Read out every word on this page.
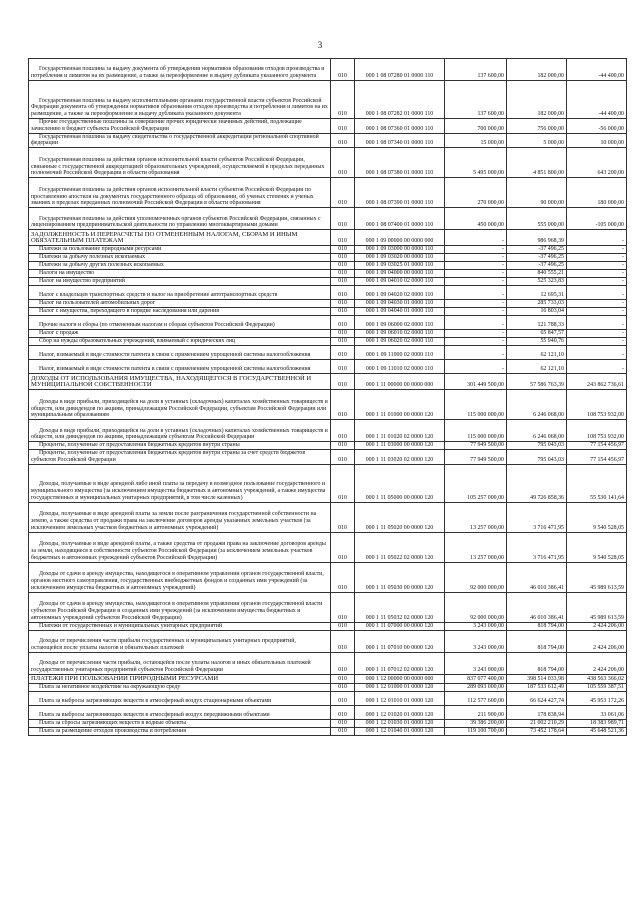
3
Государственная пошлина за выдачу документа об утверждении нормативов образования отходов производства и потребления и лимитов на их размещение, а также за переоформление и выдачу дубликата указанного документа	010	000 1 08 07280 01 0000 110	137 600,00	182 000,00	-44 400,00

Государственная пошлина за выдачу исполнительными органами государственной власти субъектов Российской Федерации документа об утверждении нормативов образования отходов производства и потребления и лимитов на их размещение, а также за переоформление и выдачу дубликата указанного документа	010	000 1 08 07282 01 0000 110	137 600,00	182 000,00	-44 400,00

Прочие государственные пошлины за совершение прочих юридически значимых действий, подлежащие зачислению в бюджет субъекта Российской Федерации	010	000 1 08 07360 01 0000 110	700 000,00	756 000,00	-56 000,00

Государственная пошлина за выдачу свидетельства о государственной аккредитации региональной спортивной федерации	010	000 1 08 07340 01 0000 110	15 000,00	5 000,00	10 000,00

Государственная пошлина за действия органов исполнительной власти субъектов Российской Федерации, связанные с государственной аккредитацией образовательных учреждений, осуществляемой в пределах переданных полномочий Российской Федерации в области образования	010	000 1 08 07380 01 0000 110	5 495 000,00	4 851 800,00	643 200,00

Государственная пошлина за действия органов исполнительной власти субъектов Российской Федерации по проставлению апостиля на документах государственного образца об образовании, об ученых степенях и ученых званиях в пределах переданных полномочий Российской Федерации в области образования	010	000 1 08 07390 01 0000 110	270 000,00	90 000,00	180 000,00

Государственная пошлина за действия уполномоченных органов субъектов Российской Федерации, связанных с лицензированием предпринимательской деятельности по управлению многоквартирными домами	010	000 1 08 07400 01 0000 110	450 000,00	555 000,00	-105 000,00

ЗАДОЛЖЕННОСТЬ И ПЕРЕРАСЧЕТЫ ПО ОТМЕНЕННЫМ НАЛОГАМ, СБОРАМ И ИНЫМ ОБЯЗАТЕЛЬНЫМ ПЛАТЕЖАМ	010	000 1 09 00000 00 0000 000	-	986 968,39	-

Платежи за пользование природными ресурсами	010	000 1 09 03000 00 0000 110	-	-37 496,25	-

Платежи за добычу полезных ископаемых	010	000 1 09 03020 00 0000 110	-	-37 496,25	-

Платежи за добычу других полезных ископаемых	010	000 1 09 03025 01 0000 110	-	-37 496,25	-

Налоги на имущество	010	000 1 09 04000 00 0000 110	-	840 555,21	-

Налог на имущество предприятий	010	000 1 09 04010 02 0000 110	-	525 323,83	-

Налог с владельцев транспортных средств и налог на приобретение автотранспортных средств	010	000 1 09 04020 02 0000 110	-	12 695,31	-

Налог на пользователей автомобильных дорог	010	000 1 09 04030 01 0000 110	-	285 733,03	-

Налог с имущества, переходящего в порядке наследования или дарения	010	000 1 09 04040 01 0000 110	-	16 803,04	-

Прочие налоги и сборы (по отмененным налогам и сборам субъектов Российской Федерации)	010	000 1 09 06000 02 0000 110	-	121 788,33	-

Налог с продаж	010	000 1 09 06010 02 0000 110	-	65 847,57	-

Сбор на нужды образовательных учреждений, взимаемый с юридических лиц	010	000 1 09 06020 02 0000 110	-	55 940,76	-

Налог, взимаемый в виде стоимости патента в связи с применением упрощенной системы налогообложения	010	000 1 09 11000 02 0000 110	-	62 121,10	-

Налог, взимаемый в виде стоимости патента в связи с применением упрощенной системы налогообложения	010	000 1 09 11010 02 0000 110	-	62 121,10	-

ДОХОДЫ ОТ ИСПОЛЬЗОВАНИЯ ИМУЩЕСТВА, НАХОДЯЩЕГОСЯ В ГОСУДАРСТВЕННОЙ И МУНИЦИПАЛЬНОЙ СОБСТВЕННОСТИ	010	000 1 11 00000 00 0000 000	301 449 500,00	57 586 763,39	243 862 736,61

Доходы в виде прибыли, приходящейся на доли в уставных (складочных) капиталах хозяйственных товариществ и обществ, или дивидендов по акциям, принадлежащим Российской Федерации, субъектам Российской Федерации или муниципальным образованиям	010	000 1 11 01000 00 0000 120	115 000 000,00	6 246 068,00	108 753 932,00

Доходы в виде прибыли, приходящейся на доли в уставных (складочных) капиталах хозяйственных товариществ и обществ, или дивидендов по акциям, принадлежащим субъектам Российской Федерации	010	000 1 11 01020 02 0000 120	115 000 000,00	6 246 068,00	108 753 932,00

Проценты, полученные от предоставления бюджетных кредитов внутри страны	010	000 1 11 03000 00 0000 120	77 949 500,00	795 043,03	77 154 456,97

Проценты, полученные от предоставления бюджетных кредитов внутри страны за счет средств бюджетов субъектов Российской Федерации	010	000 1 11 03020 02 0000 120	77 949 500,00	795 043,03	77 154 456,97

Доходы, получаемые в виде арендной либо иной платы за передачу в возмездное пользование государственного и муниципального имущества (за исключением имущества бюджетных и автономных учреждений, а также имущества государственных и муниципальных унитарных предприятий, в том числе казенных)	010	000 1 11 05000 00 0000 120	105 257 000,00	49 726 858,36	55 530 141,64

Доходы, получаемые в виде арендной платы за земли после разграничения государственной собственности на землю, а также средства от продажи права на заключение договоров аренды указанных земельных участков (за исключением земельных участков бюджетных и автономных учреждений)	010	000 1 11 05020 00 0000 120	13 257 000,00	3 716 471,95	9 540 528,05

Доходы, получаемые в виде арендной платы, а также средства от продажи права на заключение договоров аренды за земли, находящиеся в собственности субъектов Российской Федерации (за исключением земельных участков бюджетных и автономных учреждений субъектов Российской Федерации)	010	000 1 11 05022 02 0000 120	13 257 000,00	3 716 471,95	9 540 528,05

Доходы от сдачи в аренду имущества, находящегося в оперативном управлении органов государственной власти, органов местного самоуправления, государственных внебюджетных фондов и созданных ими учреждений (за исключением имущества бюджетных и автономных учреждений)	010	000 1 11 05030 00 0000 120	92 000 000,00	46 010 386,41	45 989 613,59

Доходы от сдачи в аренду имущества, находящегося в оперативном управлении органов государственной власти субъектов Российской Федерации и созданных ими учреждений (за исключением имущества бюджетных и автономных учреждений субъектов Российской Федерации)	010	000 1 11 05032 02 0000 120	92 000 000,00	46 010 386,41	45 989 613,59

Платежи от государственных и муниципальных унитарных предприятий	010	000 1 11 07000 00 0000 120	3 243 000,00	818 794,00	2 424 206,00

Доходы от перечисления части прибыли государственных и муниципальных унитарных предприятий, остающейся после уплаты налогов и обязательных платежей	010	000 1 11 07010 00 0000 120	3 243 000,00	818 794,00	2 424 206,00

Доходы от перечисления части прибыли, остающейся после уплаты налогов и иных обязательных платежей государственных унитарных предприятий субъектов Российской Федерации	010	000 1 11 07012 02 0000 120	3 243 000,00	818 794,00	2 424 206,00

ПЛАТЕЖИ ПРИ ПОЛЬЗОВАНИИ ПРИРОДНЫМИ РЕСУРСАМИ	010	000 1 12 00000 00 0000 000	837 077 400,00	398 514 033,98	438 563 366,02

Плата за негативное воздействие на окружающую среду	010	000 1 12 01000 01 0000 120	289 093 000,00	187 533 612,49	105 559 387,51

Плата за выбросы загрязняющих веществ в атмосферный воздух стационарными объектами	010	000 1 12 01010 01 0000 120	112 577 600,00	66 624 427,74	45 953 172,26

Плата за выбросы загрязняющих веществ в атмосферный воздух передвижными объектами	010	000 1 12 01020 01 0000 120	211 900,00	178 838,94	33 061,06

Плата за сбросы загрязняющих веществ в водные объекты	010	000 1 12 01030 01 0000 120	39 386 200,00	21 002 210,29	18 383 989,71

Плата за размещение отходов производства и потребления	010	000 1 12 01040 01 0000 120	119 100 700,00	73 452 178,64	45 648 521,36
